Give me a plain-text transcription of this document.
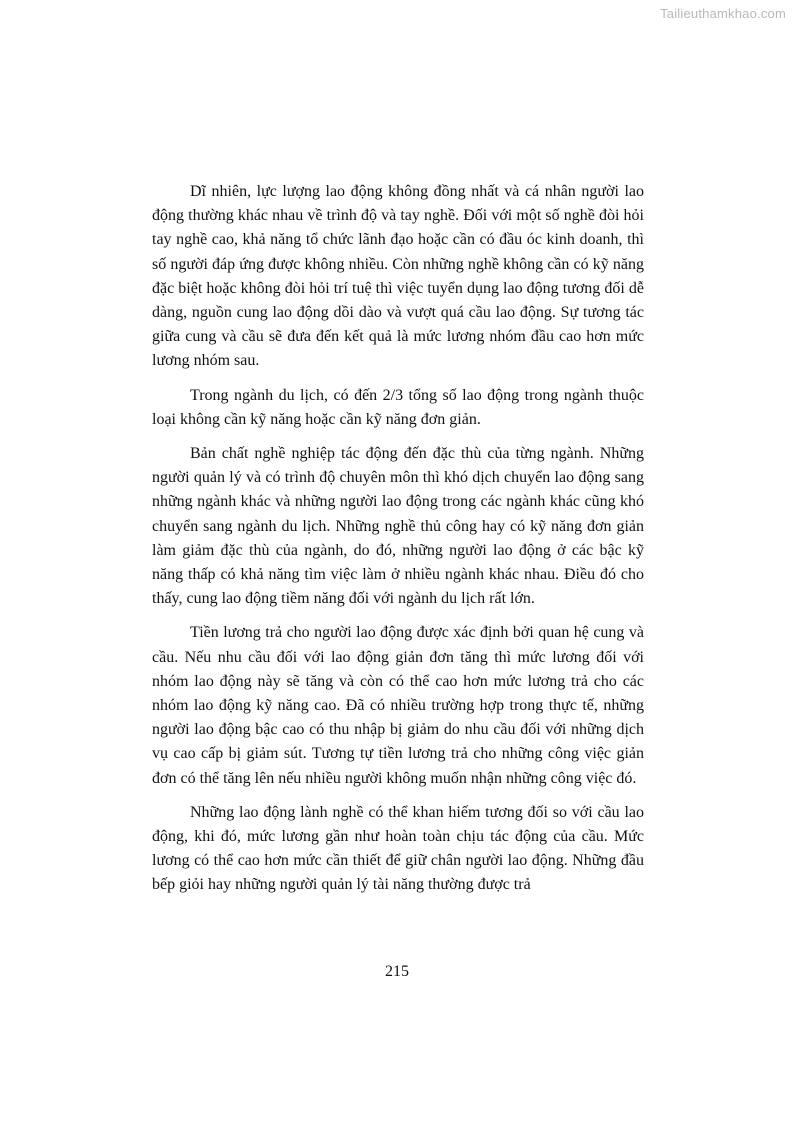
Tailieuthamkhao.com

Dĩ nhiên, lực lượng lao động không đồng nhất và cá nhân người lao động thường khác nhau về trình độ và tay nghề. Đối với một số nghề đòi hỏi tay nghề cao, khả năng tổ chức lãnh đạo hoặc cần có đầu óc kinh doanh, thì số người đáp ứng được không nhiều. Còn những nghề không cần có kỹ năng đặc biệt hoặc không đòi hỏi trí tuệ thì việc tuyển dụng lao động tương đối dễ dàng, nguồn cung lao động dồi dào và vượt quá cầu lao động. Sự tương tác giữa cung và cầu sẽ đưa đến kết quả là mức lương nhóm đầu cao hơn mức lương nhóm sau.

Trong ngành du lịch, có đến 2/3 tổng số lao động trong ngành thuộc loại không cần kỹ năng hoặc cần kỹ năng đơn giản.

Bản chất nghề nghiệp tác động đến đặc thù của từng ngành. Những người quản lý và có trình độ chuyên môn thì khó dịch chuyển lao động sang những ngành khác và những người lao động trong các ngành khác cũng khó chuyển sang ngành du lịch. Những nghề thủ công hay có kỹ năng đơn giản làm giảm đặc thù của ngành, do đó, những người lao động ở các bậc kỹ năng thấp có khả năng tìm việc làm ở nhiều ngành khác nhau. Điều đó cho thấy, cung lao động tiềm năng đối với ngành du lịch rất lớn.

Tiền lương trả cho người lao động được xác định bởi quan hệ cung và cầu. Nếu nhu cầu đối với lao động giản đơn tăng thì mức lương đối với nhóm lao động này sẽ tăng và còn có thể cao hơn mức lương trả cho các nhóm lao động kỹ năng cao. Đã có nhiều trường hợp trong thực tế, những người lao động bậc cao có thu nhập bị giảm do nhu cầu đối với những dịch vụ cao cấp bị giảm sút. Tương tự tiền lương trả cho những công việc giản đơn có thể tăng lên nếu nhiều người không muốn nhận những công việc đó.

Những lao động lành nghề có thể khan hiếm tương đối so với cầu lao động, khi đó, mức lương gần như hoàn toàn chịu tác động của cầu. Mức lương có thể cao hơn mức cần thiết để giữ chân người lao động. Những đầu bếp giỏi hay những người quản lý tài năng thường được trả

215
